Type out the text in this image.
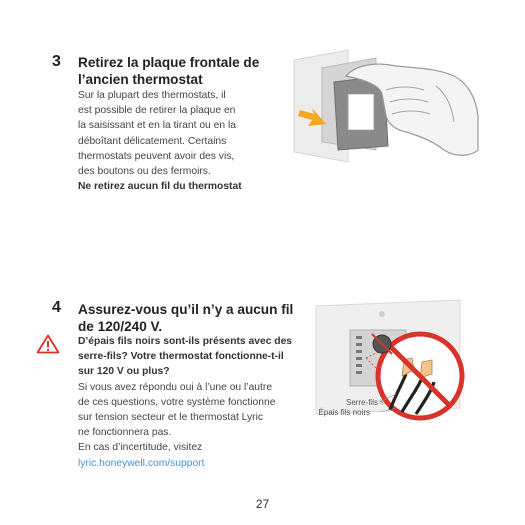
3 Retirez la plaque frontale de
l’ancien thermostat

Sur la plupart des thermostats, il

est possible de retirer la plaque en

la saisissant et en la tirant ou en la

déboîtant délicatement. Certains

thermostats peuvent avoir des vis,

des boutons ou des fermoirs.

Ne retirez aucun fil du thermostat

4 Assurez-vous qu’il n’y a aucun fil
de 120/240 V.

D’épais fils noirs sont-ils présents avec des

serre-fils? Votre thermostat fonctionne-t-il

sur 120 V ou plus?

Si vous avez répondu oui à l’une ou l’autre

de ces questions, votre système fonctionne

sur tension secteur et le thermostat Lyric

ne fonctionnera pas.

En cas d’incertitude, visitez

lyric.honeywell.com/support

Serre-fils
Épais fils noirs
27
